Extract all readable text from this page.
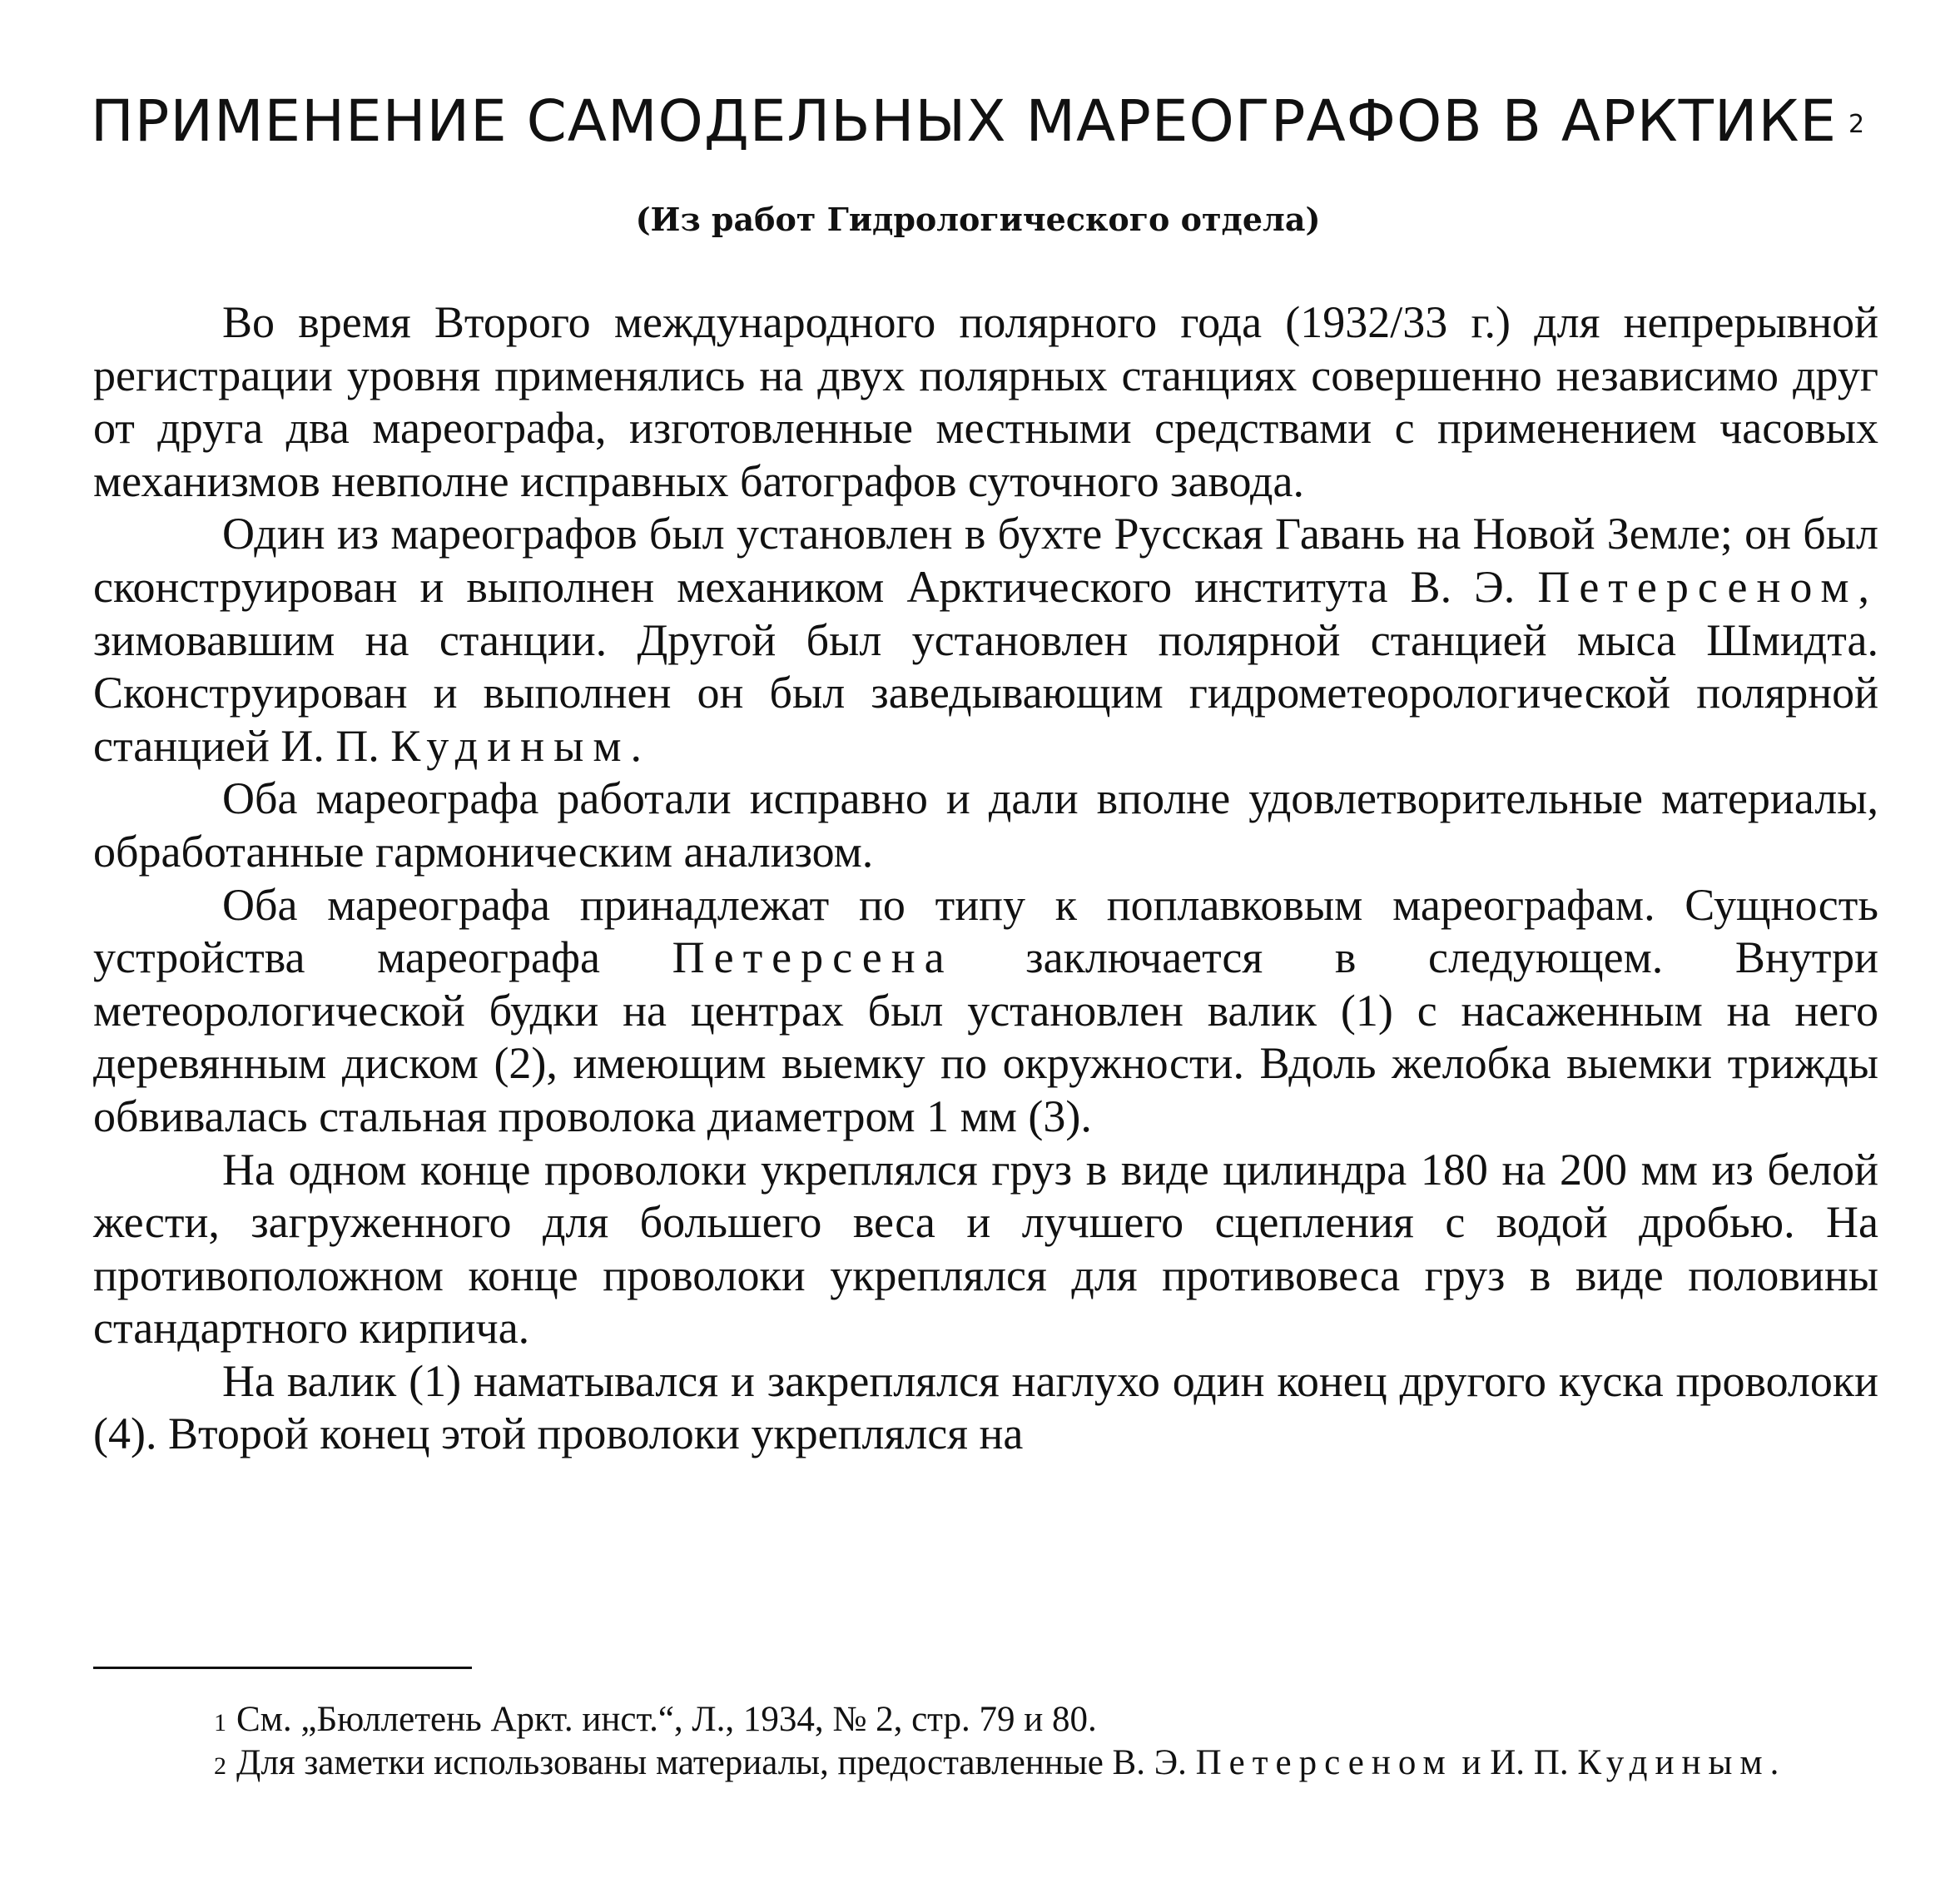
ПРИМЕНЕНИЕ САМОДЕЛЬНЫХ МАРЕОГРАФОВ В АРКТИКЕ $^2$
(Из работ Гидрологического отдела)

Во время Второго международного полярного года (1932/33 г.) для непрерывной регистрации уровня применялись на двух полярных станциях совершенно независимо друг от друга два мареографа, изготовленные местными средствами с применением часовых механизмов невполне исправных батографов суточного завода.

Один из мареографов был установлен в бухте Русская Гавань на Новой Земле; он был сконструирован и выполнен механиком Арктического института В. Э. Петерсеном, зимовавшим на станции. Другой был установлен полярной станцией мыса Шмидта. Сконструирован и выполнен он был заведывающим гидрометеорологической полярной станцией И. П. Кудиным.

Оба мареографа работали исправно и дали вполне удовлетворительные материалы, обработанные гармоническим анализом.

Оба мареографа принадлежат по типу к поплавковым мареографам. Сущность устройства мареографа Петерсена заключается в следующем. Внутри метеорологической будки на центрах был установлен валик (1) с насаженным на него деревянным диском (2), имеющим выемку по окружности. Вдоль желобка выемки трижды обвивалась стальная проволока диаметром 1 мм (3).

На одном конце проволоки укреплялся груз в виде цилиндра 180 на 200 мм из белой жести, загруженного для большего веса и лучшего сцепления с водой дробью. На противоположном конце проволоки укреплялся для противовеса груз в виде половины стандартного кирпича.

На валик (1) наматывался и закреплялся наглухо один конец другого куска проволоки (4). Второй конец этой проволоки укреплялся на

$^1$ См. „Бюллетень Аркт. инст.“, Л., 1934, № 2, стр. 79 и 80.

$^2$ Для заметки использованы материалы, предоставленные В. Э. Петерсеном и И. П. Кудиным.
